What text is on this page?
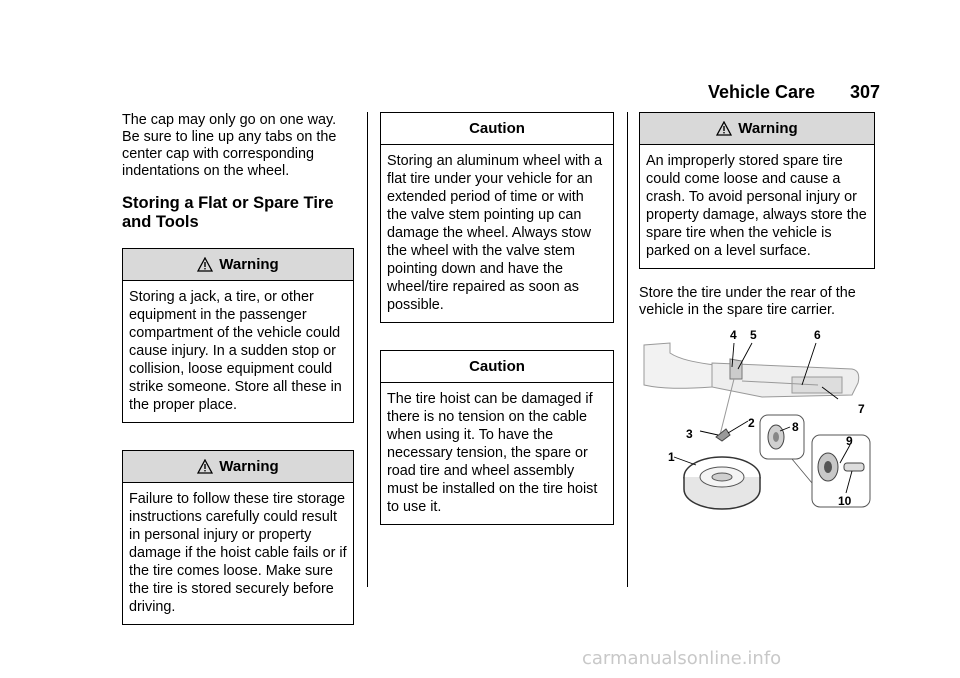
Vehicle Care 307

The cap may only go on one way. Be sure to line up any tabs on the center cap with corresponding indentations on the wheel.

Storing a Flat or Spare Tire and Tools
Warning
Storing a jack, a tire, or other equipment in the passenger compartment of the vehicle could cause injury. In a sudden stop or collision, loose equipment could strike someone. Store all these in the proper place.
Warning
Failure to follow these tire storage instructions carefully could result in personal injury or property damage if the hoist cable fails or if the tire comes loose. Make sure the tire is stored securely before driving.
Caution
Storing an aluminum wheel with a flat tire under your vehicle for an extended period of time or with the valve stem pointing up can damage the wheel. Always stow the wheel with the valve stem pointing down and have the wheel/tire repaired as soon as possible.
Caution
The tire hoist can be damaged if there is no tension on the cable when using it. To have the necessary tension, the spare or road tire and wheel assembly must be installed on the tire hoist to use it.
Warning
An improperly stored spare tire could come loose and cause a crash. To avoid personal injury or property damage, always store the spare tire when the vehicle is parked on a level surface.

Store the tire under the rear of the vehicle in the spare tire carrier.

1
2
3
4 5	6
7
8
9
10
carmanualsonline.info
